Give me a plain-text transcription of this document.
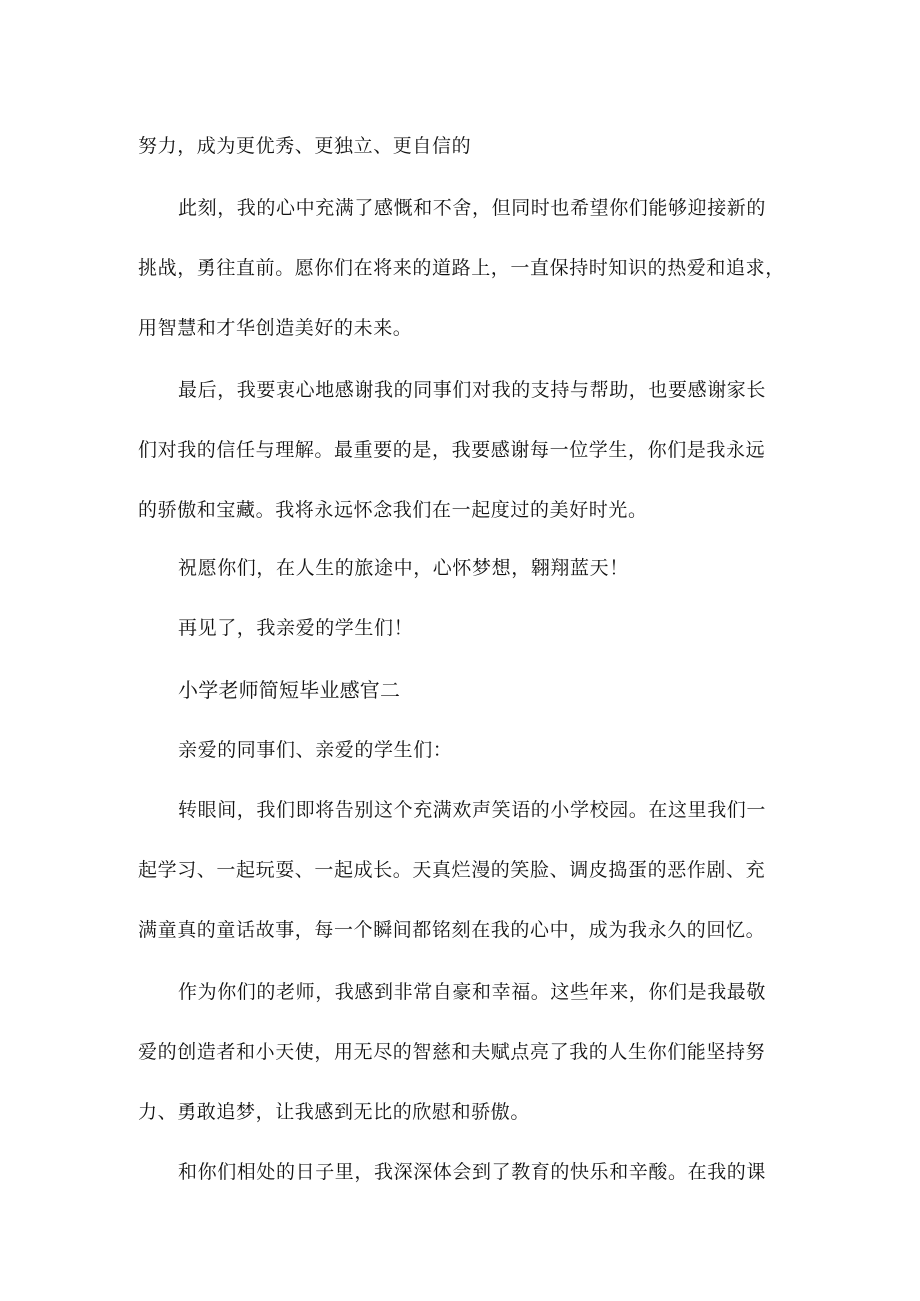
努力，成为更优秀、更独立、更自信的
此刻，我的心中充满了感慨和不舍，但同时也希望你们能够迎接新的
挑战，勇往直前。愿你们在将来的道路上，一直保持时知识的热爱和追求，
用智慧和才华创造美好的未来。
最后，我要衷心地感谢我的同事们对我的支持与帮助，也要感谢家长
们对我的信任与理解。最重要的是，我要感谢每一位学生，你们是我永远
的骄傲和宝藏。我将永远怀念我们在一起度过的美好时光。
祝愿你们，在人生的旅途中，心怀梦想，翱翔蓝天！
再见了，我亲爱的学生们！
小学老师简短毕业感官二
亲爱的同事们、亲爱的学生们：
转眼间，我们即将告别这个充满欢声笑语的小学校园。在这里我们一
起学习、一起玩耍、一起成长。天真烂漫的笑脸、调皮捣蛋的恶作剧、充
满童真的童话故事，每一个瞬间都铭刻在我的心中，成为我永久的回忆。
作为你们的老师，我感到非常自豪和幸福。这些年来，你们是我最敬
爱的创造者和小天使，用无尽的智慈和夫赋点亮了我的人生你们能坚持努
力、勇敢追梦，让我感到无比的欣慰和骄傲。
和你们相处的日子里，我深深体会到了教育的快乐和辛酸。在我的课
